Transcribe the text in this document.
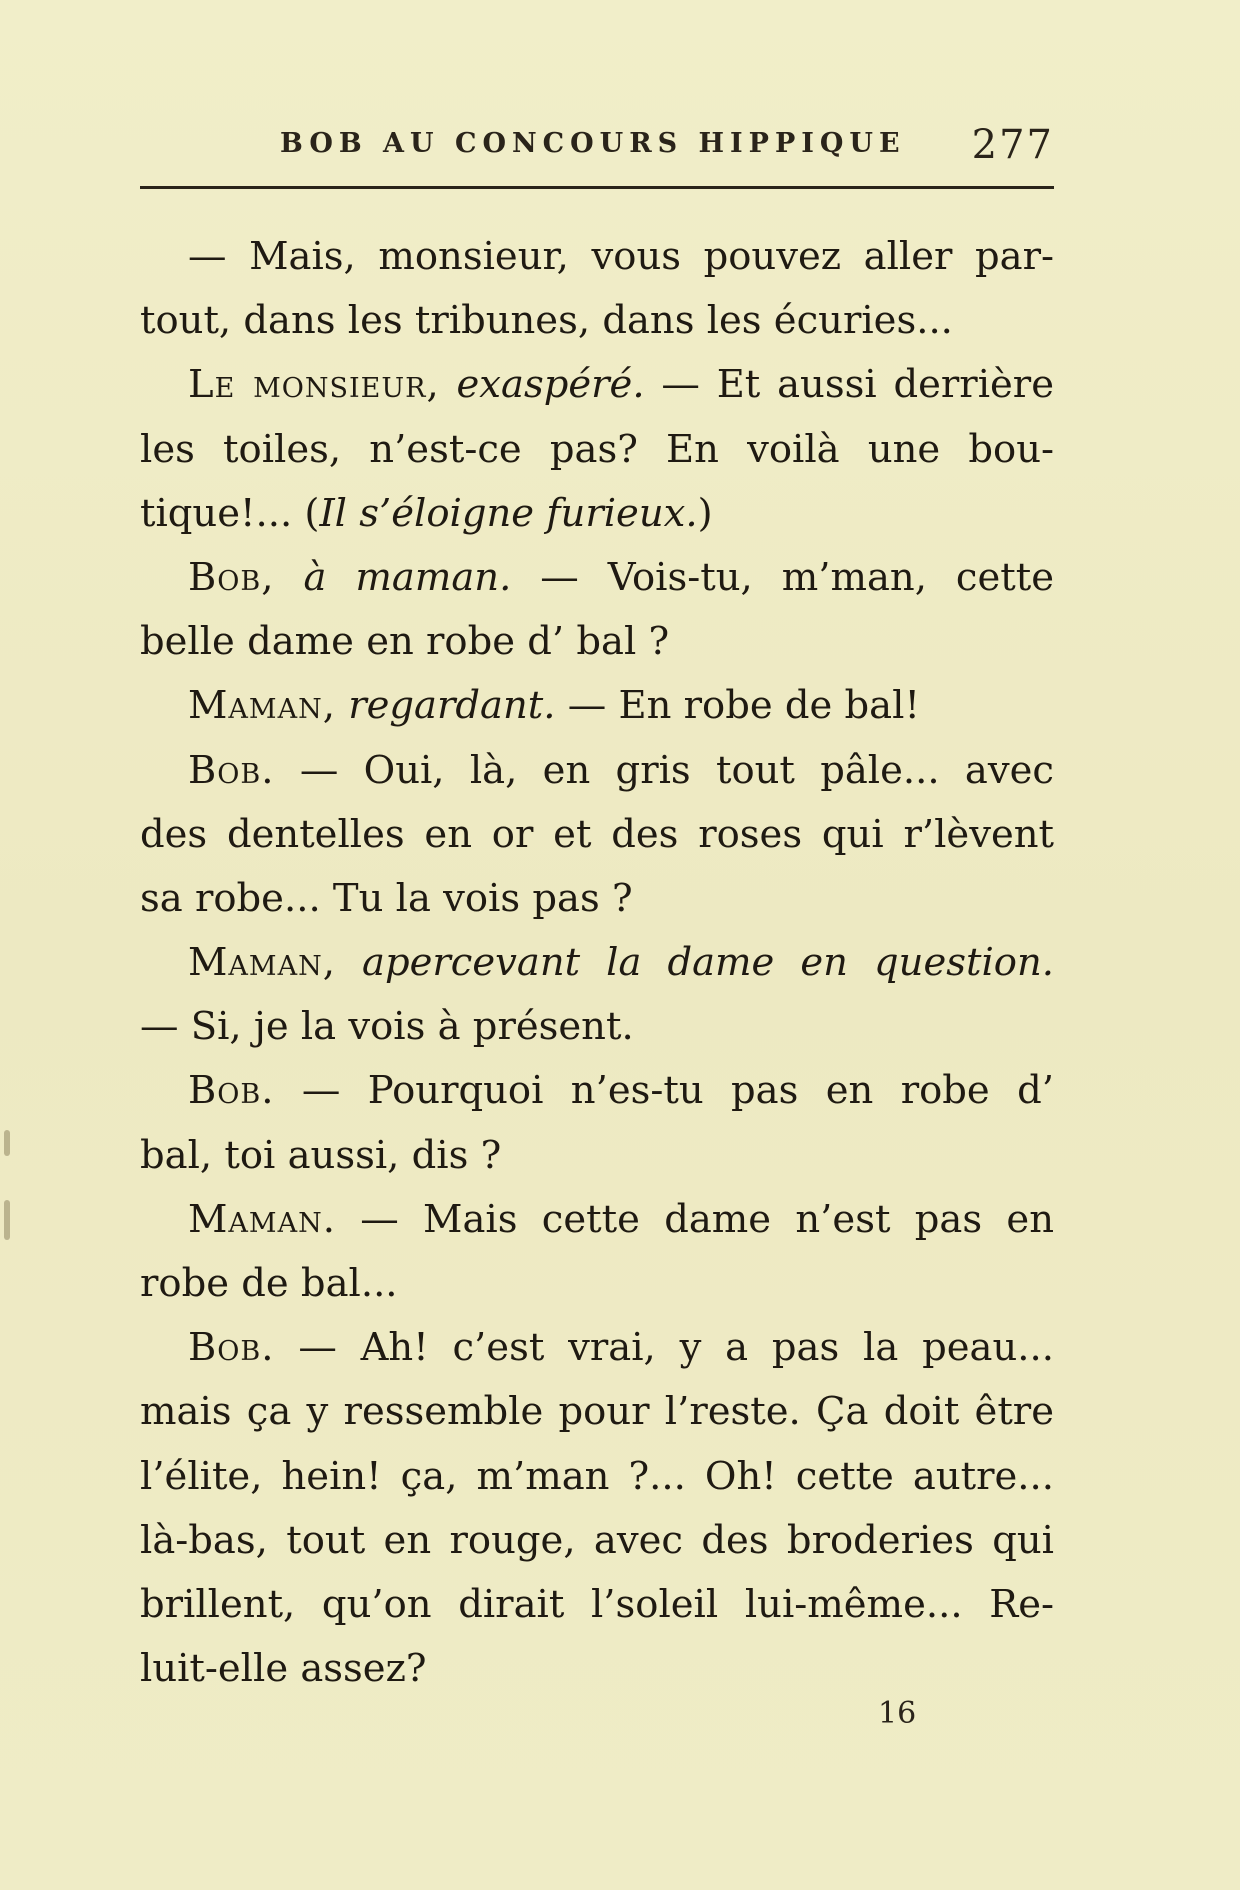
BOB AU CONCOURS HIPPIQUE 277
— Mais, monsieur, vous pouvez aller par-
tout, dans les tribunes, dans les écuries...
Le monsieur, exaspéré. — Et aussi derrière
les toiles, n’est-ce pas? En voilà une bou-
tique!... (Il s’éloigne furieux.)
Bob, à maman. — Vois-tu, m’man, cette
belle dame en robe d’ bal ?
Maman, regardant. — En robe de bal!
Bob. — Oui, là, en gris tout pâle... avec
des dentelles en or et des roses qui r’lèvent
sa robe... Tu la vois pas ?
Maman, apercevant la dame en question.
— Si, je la vois à présent.
Bob. — Pourquoi n’es-tu pas en robe d’
bal, toi aussi, dis ?
Maman. — Mais cette dame n’est pas en
robe de bal...
Bob. — Ah! c’est vrai, y a pas la peau...
mais ça y ressemble pour l’reste. Ça doit être
l’élite, hein! ça, m’man ?... Oh! cette autre...
là-bas, tout en rouge, avec des broderies qui
brillent, qu’on dirait l’soleil lui-même... Re-
luit-elle assez?
16
